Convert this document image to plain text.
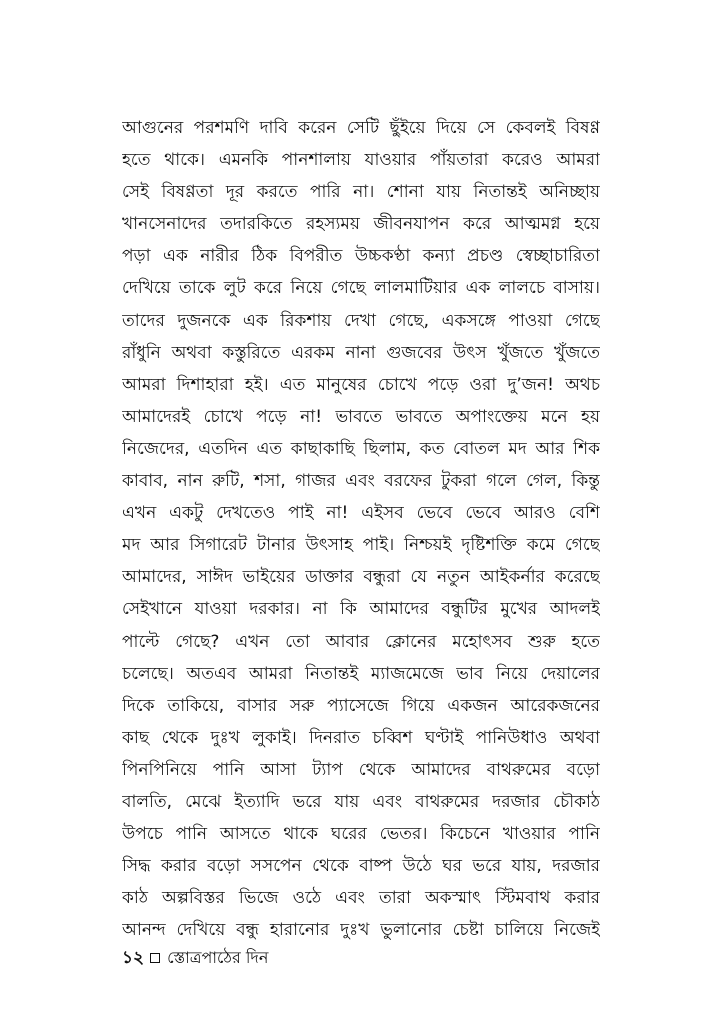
আগুনের পরশমণি দাবি করেন সেটি ছুঁইয়ে দিয়ে সে কেবলই বিষণ্ণ
হতে থাকে। এমনকি পানশালায় যাওয়ার পাঁয়তারা করেও আমরা
সেই বিষণ্ণতা দূর করতে পারি না। শোনা যায় নিতান্তই অনিচ্ছায়
খানসেনাদের তদারকিতে রহস্যময় জীবনযাপন করে আত্মমগ্ন হয়ে
পড়া এক নারীর ঠিক বিপরীত উচ্চকণ্ঠা কন্যা প্রচণ্ড স্বেচ্ছাচারিতা
দেখিয়ে তাকে লুট করে নিয়ে গেছে লালমাটিয়ার এক লালচে বাসায়।
তাদের দুজনকে এক রিকশায় দেখা গেছে, একসঙ্গে পাওয়া গেছে
রাঁধুনি অথবা কস্তুরিতে এরকম নানা গুজবের উৎস খুঁজতে খুঁজতে
আমরা দিশাহারা হই। এত মানুষের চোখে পড়ে ওরা দু’জন! অথচ
আমাদেরই চোখে পড়ে না! ভাবতে ভাবতে অপাংক্তেয় মনে হয়
নিজেদের, এতদিন এত কাছাকাছি ছিলাম, কত বোতল মদ আর শিক
কাবাব, নান রুটি, শসা, গাজর এবং বরফের টুকরা গলে গেল, কিন্তু
এখন একটু দেখতেও পাই না! এইসব ভেবে ভেবে আরও বেশি
মদ আর সিগারেট টানার উৎসাহ পাই। নিশ্চয়ই দৃষ্টিশক্তি কমে গেছে
আমাদের, সাঈদ ভাইয়ের ডাক্তার বন্ধুরা যে নতুন আইকর্নার করেছে
সেইখানে যাওয়া দরকার। না কি আমাদের বন্ধুটির মুখের আদলই
পাল্টে গেছে? এখন তো আবার ক্লোনের মহোৎসব শুরু হতে
চলেছে। অতএব আমরা নিতান্তই ম্যাজমেজে ভাব নিয়ে দেয়ালের
দিকে তাকিয়ে, বাসার সরু প্যাসেজে গিয়ে একজন আরেকজনের
কাছ থেকে দুঃখ লুকাই। দিনরাত চব্বিশ ঘণ্টাই পানিউধাও অথবা
পিনপিনিয়ে পানি আসা ট্যাপ থেকে আমাদের বাথরুমের বড়ো
বালতি, মেঝে ইত্যাদি ভরে যায় এবং বাথরুমের দরজার চৌকাঠ
উপচে পানি আসতে থাকে ঘরের ভেতর। কিচেনে খাওয়ার পানি
সিদ্ধ করার বড়ো সসপেন থেকে বাষ্প উঠে ঘর ভরে যায়, দরজার
কাঠ অল্পবিস্তর ভিজে ওঠে এবং তারা অকস্মাৎ স্টিমবাথ করার
আনন্দ দেখিয়ে বন্ধু হারানোর দুঃখ ভুলানোর চেষ্টা চালিয়ে নিজেই
১২ স্তোত্রপাঠের দিন
